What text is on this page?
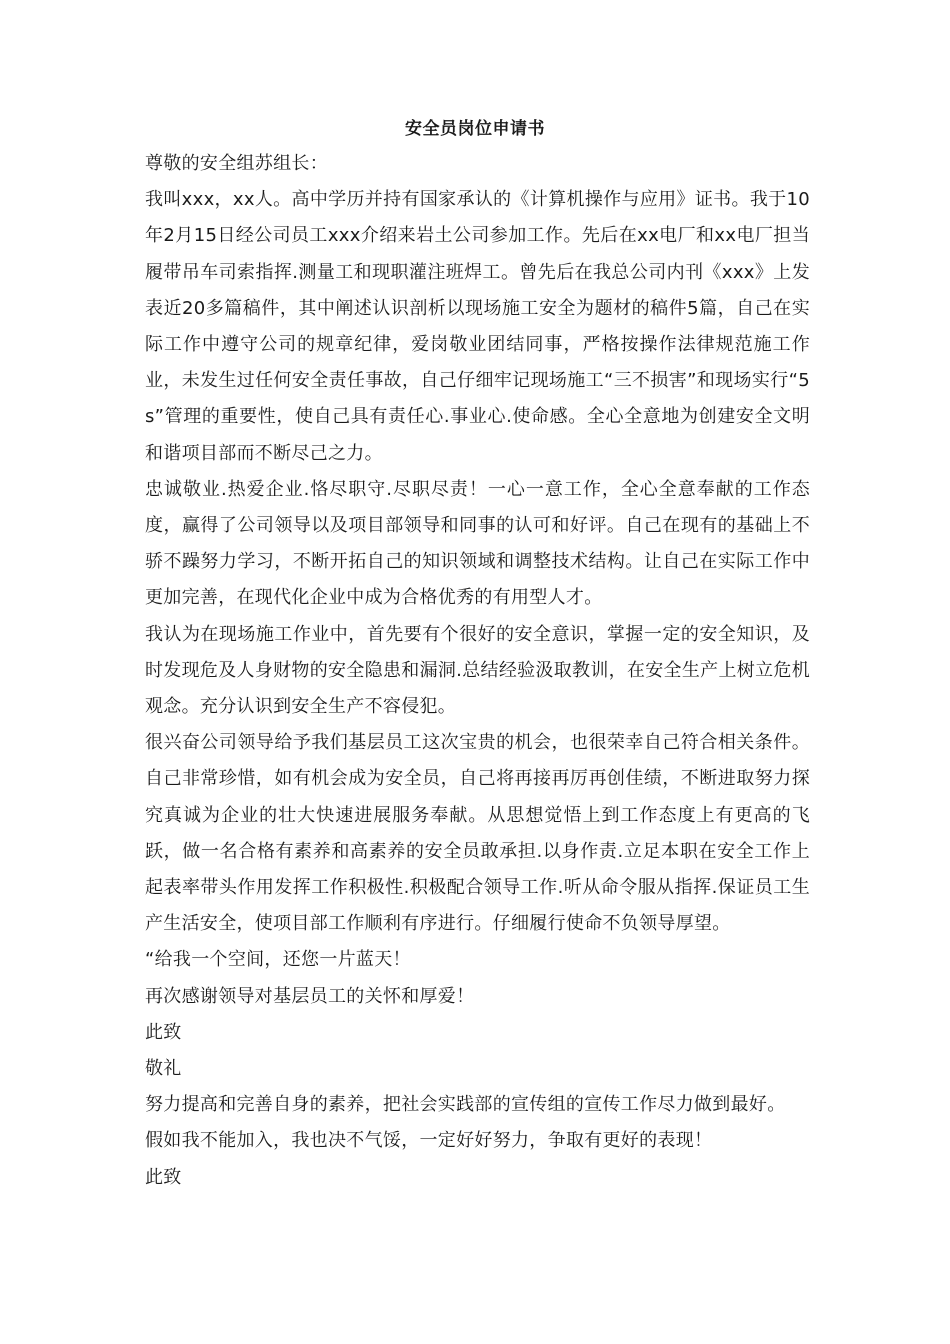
安全员岗位申请书

尊敬的安全组苏组长：

我叫xxx，xx人。高中学历并持有国家承认的《计算机操作与应用》证书。我于10年2月15日经公司员工xxx介绍来岩土公司参加工作。先后在xx电厂和xx电厂担当履带吊车司索指挥.测量工和现职灌注班焊工。曾先后在我总公司内刊《xxx》上发表近20多篇稿件，其中阐述认识剖析以现场施工安全为题材的稿件5篇，自己在实际工作中遵守公司的规章纪律，爱岗敬业团结同事，严格按操作法律规范施工作业，未发生过任何安全责任事故，自己仔细牢记现场施工“三不损害”和现场实行“5s”管理的重要性，使自己具有责任心.事业心.使命感。全心全意地为创建安全文明和谐项目部而不断尽己之力。

忠诚敬业.热爱企业.恪尽职守.尽职尽责！一心一意工作，全心全意奉献的工作态度，赢得了公司领导以及项目部领导和同事的认可和好评。自己在现有的基础上不骄不躁努力学习，不断开拓自己的知识领域和调整技术结构。让自己在实际工作中更加完善，在现代化企业中成为合格优秀的有用型人才。

我认为在现场施工作业中，首先要有个很好的安全意识，掌握一定的安全知识，及时发现危及人身财物的安全隐患和漏洞.总结经验汲取教训，在安全生产上树立危机观念。充分认识到安全生产不容侵犯。

很兴奋公司领导给予我们基层员工这次宝贵的机会，也很荣幸自己符合相关条件。自己非常珍惜，如有机会成为安全员，自己将再接再厉再创佳绩，不断进取努力探究真诚为企业的壮大快速进展服务奉献。从思想觉悟上到工作态度上有更高的飞跃，做一名合格有素养和高素养的安全员敢承担.以身作责.立足本职在安全工作上起表率带头作用发挥工作积极性.积极配合领导工作.听从命令服从指挥.保证员工生产生活安全，使项目部工作顺利有序进行。仔细履行使命不负领导厚望。

“给我一个空间，还您一片蓝天！

再次感谢领导对基层员工的关怀和厚爱！

此致

敬礼

努力提高和完善自身的素养，把社会实践部的宣传组的宣传工作尽力做到最好。

假如我不能加入，我也决不气馁，一定好好努力，争取有更好的表现！

此致
